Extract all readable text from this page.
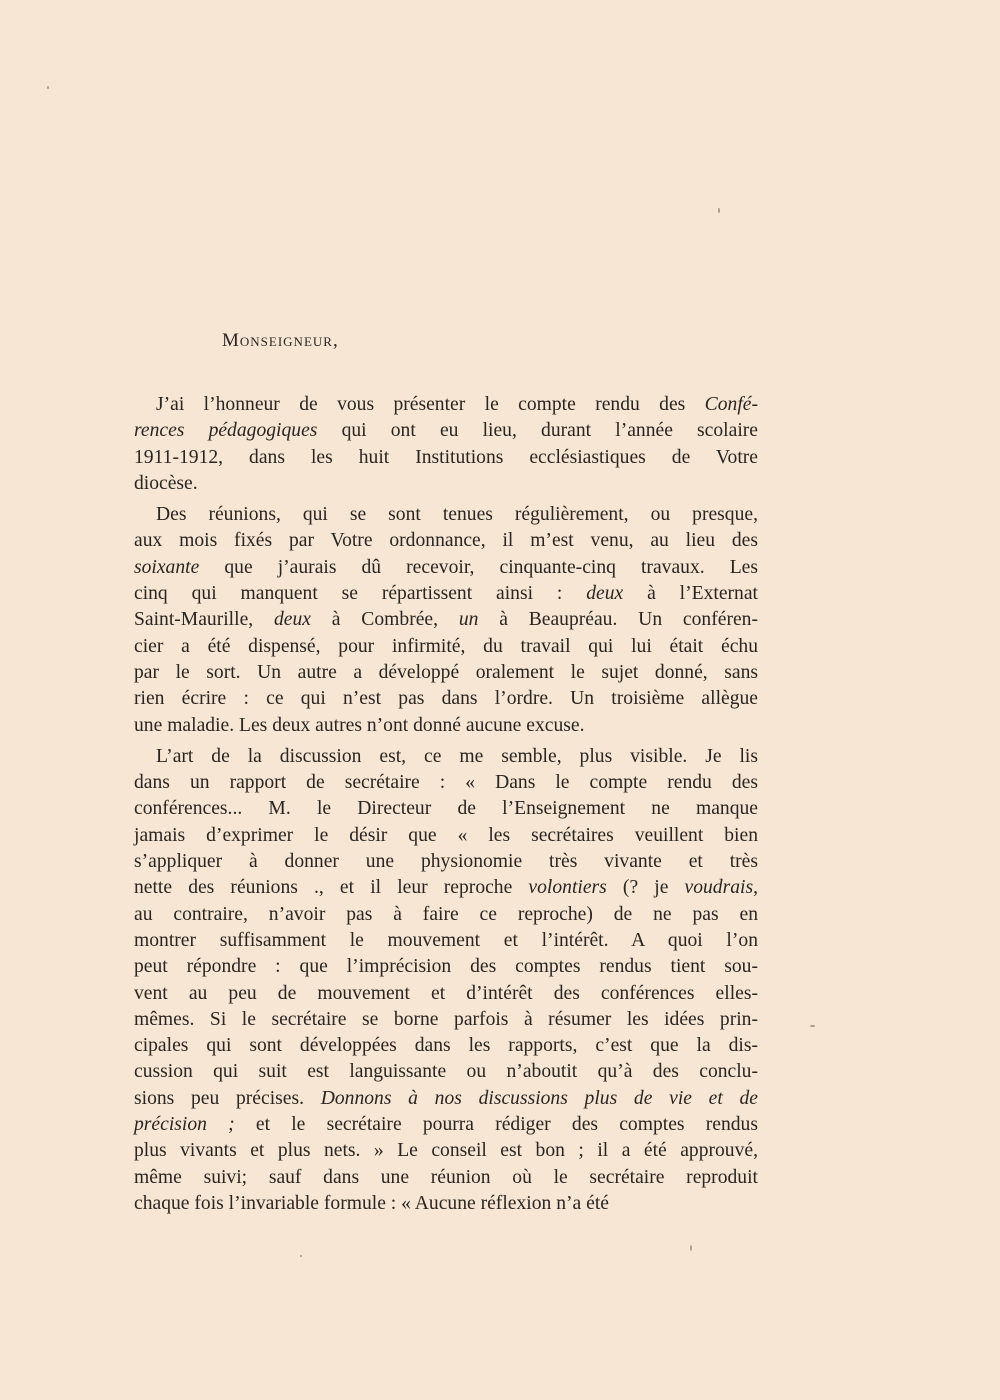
Monseigneur,
J’ai l’honneur de vous présenter le compte rendu des Confé-
rences pédagogiques qui ont eu lieu, durant l’année scolaire
1911-1912, dans les huit Institutions ecclésiastiques de Votre
diocèse.
Des réunions, qui se sont tenues régulièrement, ou presque,
aux mois fixés par Votre ordonnance, il m’est venu, au lieu des
soixante que j’aurais dû recevoir, cinquante-cinq travaux. Les
cinq qui manquent se répartissent ainsi : deux à l’Externat
Saint-Maurille, deux à Combrée, un à Beaupréau. Un conféren-
cier a été dispensé, pour infirmité, du travail qui lui était échu
par le sort. Un autre a développé oralement le sujet donné, sans
rien écrire : ce qui n’est pas dans l’ordre. Un troisième allègue
une maladie. Les deux autres n’ont donné aucune excuse.
L’art de la discussion est, ce me semble, plus visible. Je lis
dans un rapport de secrétaire : « Dans le compte rendu des
conférences... M. le Directeur de l’Enseignement ne manque
jamais d’exprimer le désir que « les secrétaires veuillent bien
s’appliquer à donner une physionomie très vivante et très
nette des réunions ., et il leur reproche volontiers (? je voudrais,
au contraire, n’avoir pas à faire ce reproche) de ne pas en
montrer suffisamment le mouvement et l’intérêt. A quoi l’on
peut répondre : que l’imprécision des comptes rendus tient sou-
vent au peu de mouvement et d’intérêt des conférences elles-
mêmes. Si le secrétaire se borne parfois à résumer les idées prin-
cipales qui sont développées dans les rapports, c’est que la dis-
cussion qui suit est languissante ou n’aboutit qu’à des conclu-
sions peu précises. Donnons à nos discussions plus de vie et de
précision ; et le secrétaire pourra rédiger des comptes rendus
plus vivants et plus nets. » Le conseil est bon ; il a été approuvé,
même suivi; sauf dans une réunion où le secrétaire reproduit
chaque fois l’invariable formule : « Aucune réflexion n’a été
